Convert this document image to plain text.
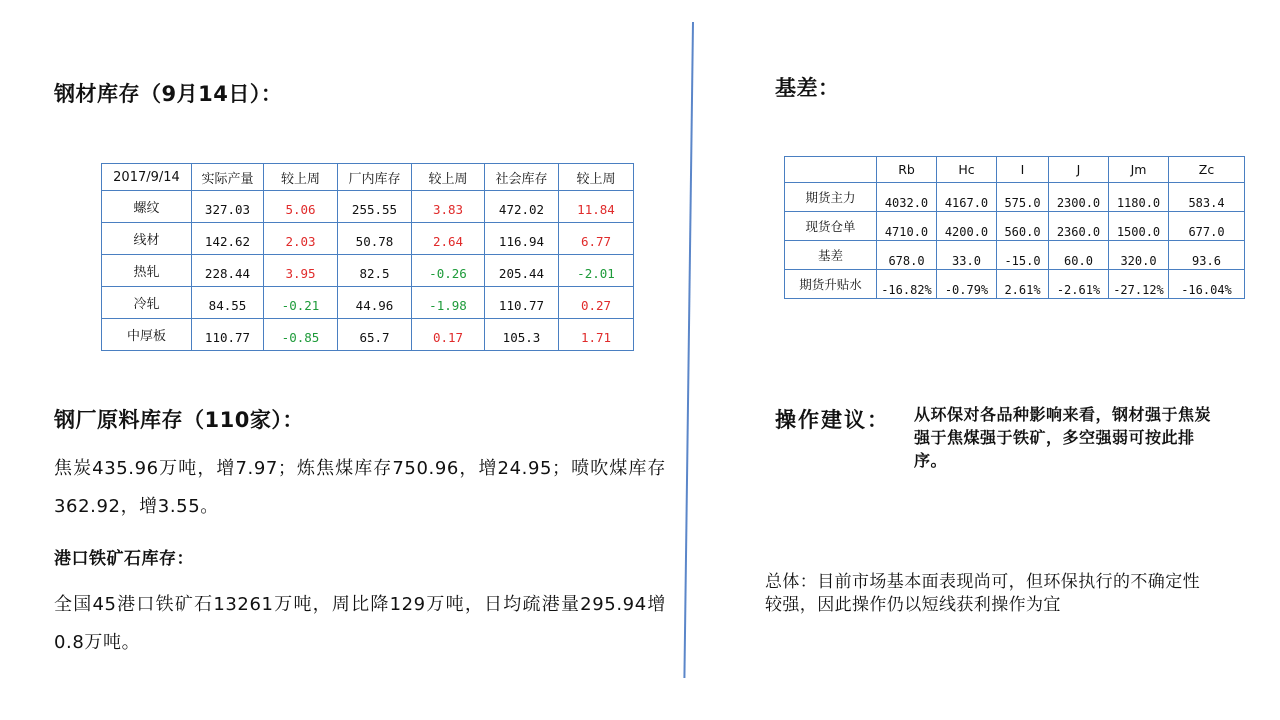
钢材库存（9月14日）：
2017/9/14	实际产量	较上周	厂内库存	较上周	社会库存	较上周
螺纹	327.03	5.06	255.55	3.83	472.02	11.84
线材	142.62	2.03	50.78	2.64	116.94	6.77
热轧	228.44	3.95	82.5	-0.26	205.44	-2.01
冷轧	84.55	-0.21	44.96	-1.98	110.77	0.27
中厚板	110.77	-0.85	65.7	0.17	105.3	1.71
钢厂原料库存（110家）：
焦炭435.96万吨，增7.97；炼焦煤库存750.96，增24.95；喷吹煤库存362.92，增3.55。
港口铁矿石库存：
全国45港口铁矿石13261万吨，周比降129万吨，日均疏港量295.94增0.8万吨。
基差：
	Rb	Hc	I	J	Jm	Zc
期货主力	4032.0	4167.0	575.0	2300.0	1180.0	583.4
现货仓单	4710.0	4200.0	560.0	2360.0	1500.0	677.0
基差	678.0	33.0	-15.0	60.0	320.0	93.6
期货升贴水	-16.82%	-0.79%	2.61%	-2.61%	-27.12%	-16.04%
操作建议： 从环保对各品种影响来看，钢材强于焦炭强于焦煤强于铁矿，多空强弱可按此排序。
总体：目前市场基本面表现尚可，但环保执行的不确定性较强，因此操作仍以短线获利操作为宜
